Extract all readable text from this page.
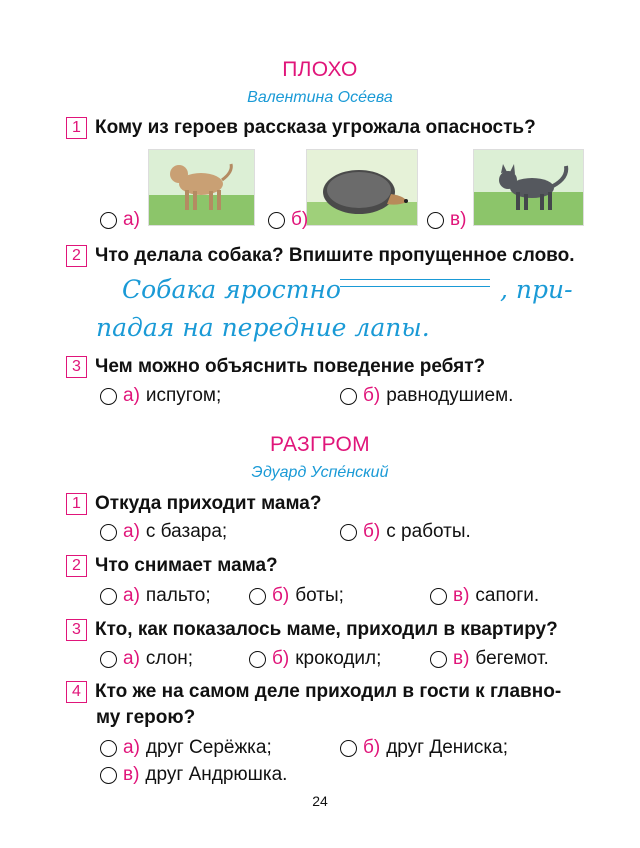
ПЛОХО
Валентина Осе́ева
1 Кому из героев рассказа угрожала опасность?
а)	б)	в)
2 Что делала собака? Впишите пропущенное слово.
Собака яростно	, при-
падая на передние лапы.
3 Чем можно объяснить поведение ребят?
а) испугом;	б) равнодушием.
РАЗГРОМ
Эдуард Успе́нский
1 Откуда приходит мама?
а) с базара;	б) с работы.
2 Что снимает мама?
а) пальто;	б) боты;	в) сапоги.
3 Кто, как показалось маме, приходил в квартиру?
а) слон;	б) крокодил;	в) бегемот.
4 Кто же на самом деле приходил в гости к главно-
му герою?
а) друг Серёжка;	б) друг Дениска;
в) друг Андрюшка.
24
